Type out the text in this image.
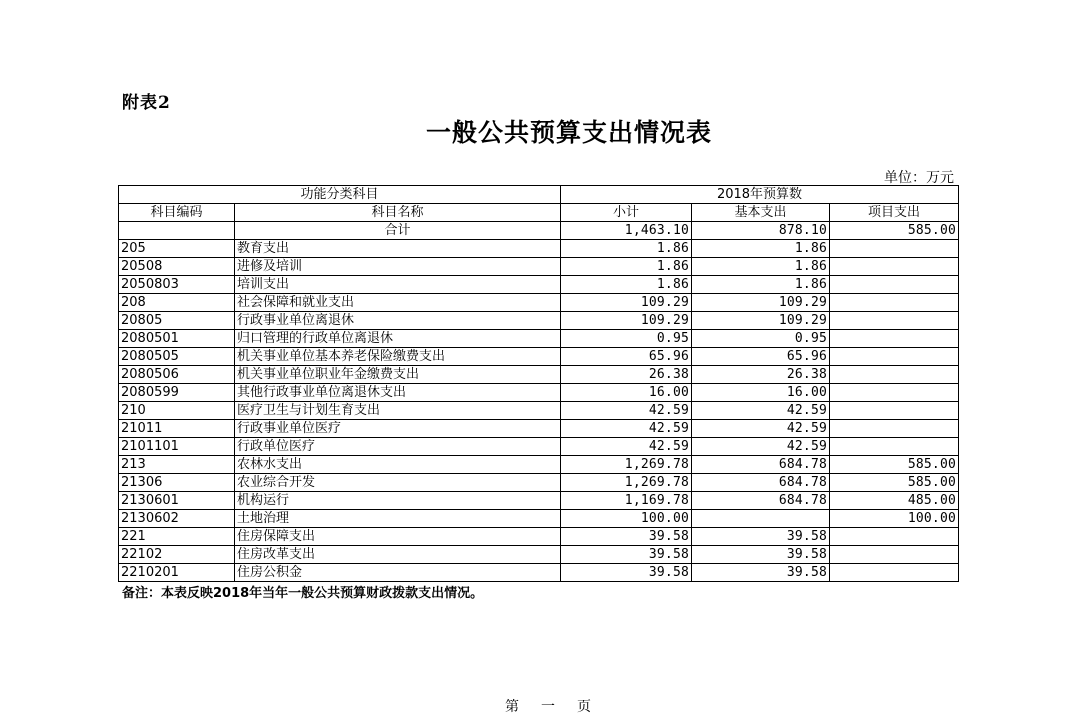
附表2
一般公共预算支出情况表
单位：万元
功能分类科目		2018年预算数		
科目编码	科目名称	小计	基本支出	项目支出
	合计	1,463.10	878.10	585.00
205	教育支出	1.86	1.86	
20508	进修及培训	1.86	1.86	
2050803	培训支出	1.86	1.86	
208	社会保障和就业支出	109.29	109.29	
20805	行政事业单位离退休	109.29	109.29	
2080501	归口管理的行政单位离退休	0.95	0.95	
2080505	机关事业单位基本养老保险缴费支出	65.96	65.96	
2080506	机关事业单位职业年金缴费支出	26.38	26.38	
2080599	其他行政事业单位离退休支出	16.00	16.00	
210	医疗卫生与计划生育支出	42.59	42.59	
21011	行政事业单位医疗	42.59	42.59	
2101101	行政单位医疗	42.59	42.59	
213	农林水支出	1,269.78	684.78	585.00
21306	农业综合开发	1,269.78	684.78	585.00
2130601	机构运行	1,169.78	684.78	485.00
2130602	土地治理	100.00		100.00
221	住房保障支出	39.58	39.58	
22102	住房改革支出	39.58	39.58	
2210201	住房公积金	39.58	39.58	
备注：本表反映2018年当年一般公共预算财政拨款支出情况。
第一页
